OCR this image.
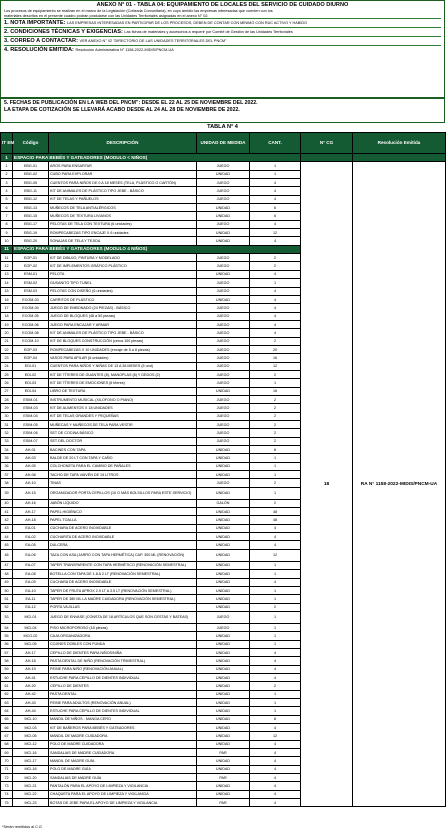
ANEXO N° 01 - TABLA 04: EQUIPAMIENTO DE LOCALES DEL SERVICIO DE CUIDADO DIURNO
Los procesos de equipamiento se realizan en el marco de la Legislación (Cotizada Comunitaria), en cuyo ámbito las empresas interesadas que cuenten con los
materiales descritos en el presente cuadro podrán postularse con las Unidades Territoriales asignadas en el anexo N° 02.
1. NOTA IMPORTANTE: LAS EMPRESAS INTERESADAS EN PARTICIPAR DE LOS PROCESOS, DEBEN DE CONTAR CON MÍNIMO CON RUC ACTIVO Y HABIDO
2. CONDICIONES TÉCNICAS Y EXIGENCIAS: Las fichas de materiales y accesorios a requerir por Comité de Gestión de las Unidades Territoriales
3. CORREO A CONTACTAR: VER ANEXO N° 02 "DIRECTORIO DE LAS UNIDADES TERRITORIALES DEL PNCM"
4. RESOLUCIÓN EMITIDA: Resolución Administrativa N° 1158-2022-MIDIS/PNCM-UA
5. FECHAS DE PUBLICACIÓN EN LA WEB DEL PNCM": DESDE EL 22 AL 25 DE NOVIEMBRE DEL 2022.
LA ETAPA DE COTIZACIÓN SE LLEVARÁ ACABO DESDE AL 24 AL 28 DE NOVIEMBRE DE 2022.
TABLA N° 4
IT EM	Código	DESCRIPCIÓN	UNIDAD DE MEDIDA	CANT.	N° CG	Resolución Emitida
1	ESPACIO PARA BEBÉS Y GATEADORES (MODULO < NIÑOS)					
1	EBG-01	AROS PARA ENSARTAR	JUEGO	1	18	RA N° 1158-2022-MIDIS/PNCM-UA
2	EBG-02	CUBO PARA EXPLORAR	UNIDAD	1		
3	EBG-05	CUENTOS PARA NIÑOS DE 0 A 18 MESES (TELA, PLÁSTICO O CARTÓN)	JUEGO	4		
4	EBG-11	KIT DE ANIMALES DE PLÁSTICO TIPO JEBE - BÁSICO	JUEGO	4		
5	EBG-12	KIT DE TELAS Y PAÑUELOS	JUEGO	4		
6	EBG-13	MUÑECOS DE TELA ANTIALÉRGICOS	UNIDAD	6		
7	EBG-15	MUÑECOS DE TEXTURA LIVIANOS	UNIDAD	6		
8	EBG-17	PELOTAS DE TELA CON TEXTURA (6 unidades)	JUEGO	4		
9	EBG-19	ROMPECABEZAS TIPO ENCAJE X 6 unidades	UNIDAD	12		
10	EBG-20	SONAJAS DE TELA Y TEJIDA	UNIDAD	4		
11	ESPACIO PARA BEBÉS Y GATEADORES (MODULO 4 NIÑOS)					
11	EGP-01	KIT DE DIBUJO, PINTURA Y MODELADO	JUEGO	2		
12	EGP-02	KIT DE IMPLEMENTOS GRÁFICO PLÁSTICO	JUEGO	2		
13	ESM-01	PELOTA	UNIDAD	4		
14	ESM-02	GUSANITO TIPO TUNEL	JUEGO	1		
15	ESM-03	PELOTAS CON DISEÑO (6 unidades)	JUEGO	4		
16	ECOM-03	CARRITOS DE PLÁSTICO	UNIDAD	4		
17	ECOM-04	JUEGO DE EMBONADO (24 PIEZAS) - BÁSICO	JUEGO	4		
18	ECOM-05	JUEGO DE BLOQUES (48 a 50 piezas)	JUEGO	4		
19	ECOM-06	JUEGO PARA ENCAJAR Y ARMAR	JUEGO	4		
20	ECOM-08	KIT DE ANIMALES DE PLÁSTICO TIPO JEBE - BÁSICO	JUEGO	4		
21	ECOM-10	KIT DE BLOQUES CONSTRUCCIÓN (cerca 100 piezas)	JUEGO	2		
22	EGP-03	ROMPECABEZAS X 10 UNIDADES (encaje de 5 a 8 piezas)	JUEGO	20		
23	EGP-04	VASOS PARA APILAR (6 unidades)	JUEGO	16		
24	EDI-01	CUENTOS PARA NIÑOS Y NIÑAS DE 13 A 36 MESES (5 und)	JUEGO	12		
25	EDI-02	KIT DE TÍTERES DE GUANTES (8), MANOPLAS (8) Y DEDOS (2)	JUEGO	2		
26	EDI-03	KIT DE TÍTERES DE EMOCIONES (6 títeres)	JUEGO	1		
27	EDI-04	LIBRO DE TEXTURA	UNIDAD	16		
28	ESIM-01	INSTRUMENTO MUSICAL (XILOFONO O PIANO)	JUEGO	2		
29	ESIM-03	KIT DE ALIMENTOS X 18 UNIDADES	JUEGO	2		
30	ESIM-04	KIT DE TELAS GRANDES Y PEQUEÑAS	JUEGO	2		
31	ESIM-05	MUÑECAS Y MUÑECOS DE TELA PARA VESTIR	JUEGO	2		
32	ESIM-06	SET DE COCINA BÁSICO	JUEGO	2		
33	ESIM-07	SET DEL DOCTOR	JUEGO	2		
34	AH-01	BACINES CON TAPA	UNIDAD	8		
35	AH-03	BALDE DE 20 LT CON TAPA Y CAÑO	UNIDAD	1		
36	AH-05	COLCHONETA PARA EL CAMBIO DE PAÑALES	UNIDAD	1		
37	AH-08	TACHO DE TAPA VAIVÉN DE 15 LITROS	UNIDAD	1		
38	AH-10	TINAS	JUEGO	2		
39	AH-15	ORGANIZADOR PORTA CEPILLOS (10 O MÁS BOLSILLOS PARA ESTE SERVICIO)	UNIDAD	1		
40	AH-16	JABÓN LÍQUIDO	GALÓN	2		
41	AH-17	PAPEL HIGIÉNICO	UNIDAD	48		
42	AH-18	PAPEL TOALLA	UNIDAD	48		
43	EA-01	CUCHARA DE ACERO INOXIDABLE	UNIDAD	4		
44	EA-02	CUCHARITA DE ACERO INOXIDABLE	UNIDAD	4		
45	EA-05	DULCERA	UNIDAD	4		
46	EA-06	TAZA CON ASA (JARRO CON TAPA HERMÉTICA) CAP. 300 ML (RENOVACIÓN)	UNIDAD	12		
47	EA-07	TAPER TRANSPARENTE CON TAPA HERMÉTICO (RENOVACIÓN SEMESTRAL)	UNIDAD	1		
48	EA-08	BOTELLA CON TAPA DE 1.8 A 2 LT (RENOVACIÓN SEMESTRAL)	UNIDAD	1		
49	EA-09	CUCHARA DE ACERO INOXIDABLE	UNIDAD	4		
50	EA-10	TAPER DE FRUTA APROX 2.0 LT A 3.5 LT (RENOVACIÓN SEMESTRAL)	UNIDAD	1		
51	EA-11	TAPER DE 380 ML LA MADRE CUIDADORA (RENOVACIÓN SEMESTRAL)	UNIDAD	1		
52	EA-12	PORTA VAJILLAS	UNIDAD	2		
53	MCI-01	JUEGO DE ENVASE (CONSTA DE 18 ARTÍCULOS QUE SON CESTAS Y BATEAS)	JUEGO	1		
54	MCI-04	PISO MICROPOROSO (18 piezas)	JUEGO	1		
55	MCG-02	CAJA ORGANIZADORA	UNIDAD	1		
56	MCI-05	COJINES DOBLES CON FUNDA	UNIDAD	1		
57	AH-17	CEPILLO DE DIENTES PARA NIÑOS/NIÑA	UNIDAD	4		
58	AH-18	PASTA DENTAL DE NIÑO (RENOVACIÓN TRIMESTRAL)	UNIDAD	4		
59	AH-19	PEINE PARA NIÑO (RENOVACIÓN ANUAL)	UNIDAD	4		
60	AH-41	ESTUCHE PARA CEPILLO DE DIENTES INDIVIDUAL	UNIDAD	4		
61	AH-20	CEPILLO DE DIENTES	UNIDAD	2		
62	AH-42	PASTA DENTAL	UNIDAD	1		
63	AH-43	PEINE PARA ADULTOS (RENOVACIÓN ANUAL)	UNIDAD	1		
64	AH-44	ESTUCHE PARA CEPILLO DE DIENTES INDIVIDUAL	UNIDAD	1		
65	MCI-10	MANDIL DE NIÑOS - MANGA CERO	UNIDAD	8		
66	MCI-03	KIT DE BAÑEROS PARA BEBÉS Y GATEADORES	UNIDAD	4		
67	MCI-05	MANDIL DE MADRE CUIDADORA	UNIDAD	12		
68	MCI-12	POLO DE MADRE CUIDADORA	UNIDAD	4		
69	MCI-16	SANDALIAS DE MADRE CUIDADORA	PAR	4		
70	MCI-17	MANDIL DE MADRE GUÍA	UNIDAD	4		
71	MCI-18	POLO DE MADRE GUÍA	UNIDAD	4		
72	MCI-20	SANDALIAS DE MADRE GUÍA	PAR	4		
73	MCI-21	PANTALÓN PARA EL APOYO DE LIMPIEZA Y VIGILANCIA	UNIDAD	4		
74	MCI-22	CHAQUETA PARA EL APOYO DE LIMPIEZA Y VIGILANCIA	UNIDAD	4		
75	MCI-23	BOTAS DE JEBE PARA EL APOYO DE LIMPIEZA Y VIGILANCIA	PAR	4		
*Serán remitidos al C.G
